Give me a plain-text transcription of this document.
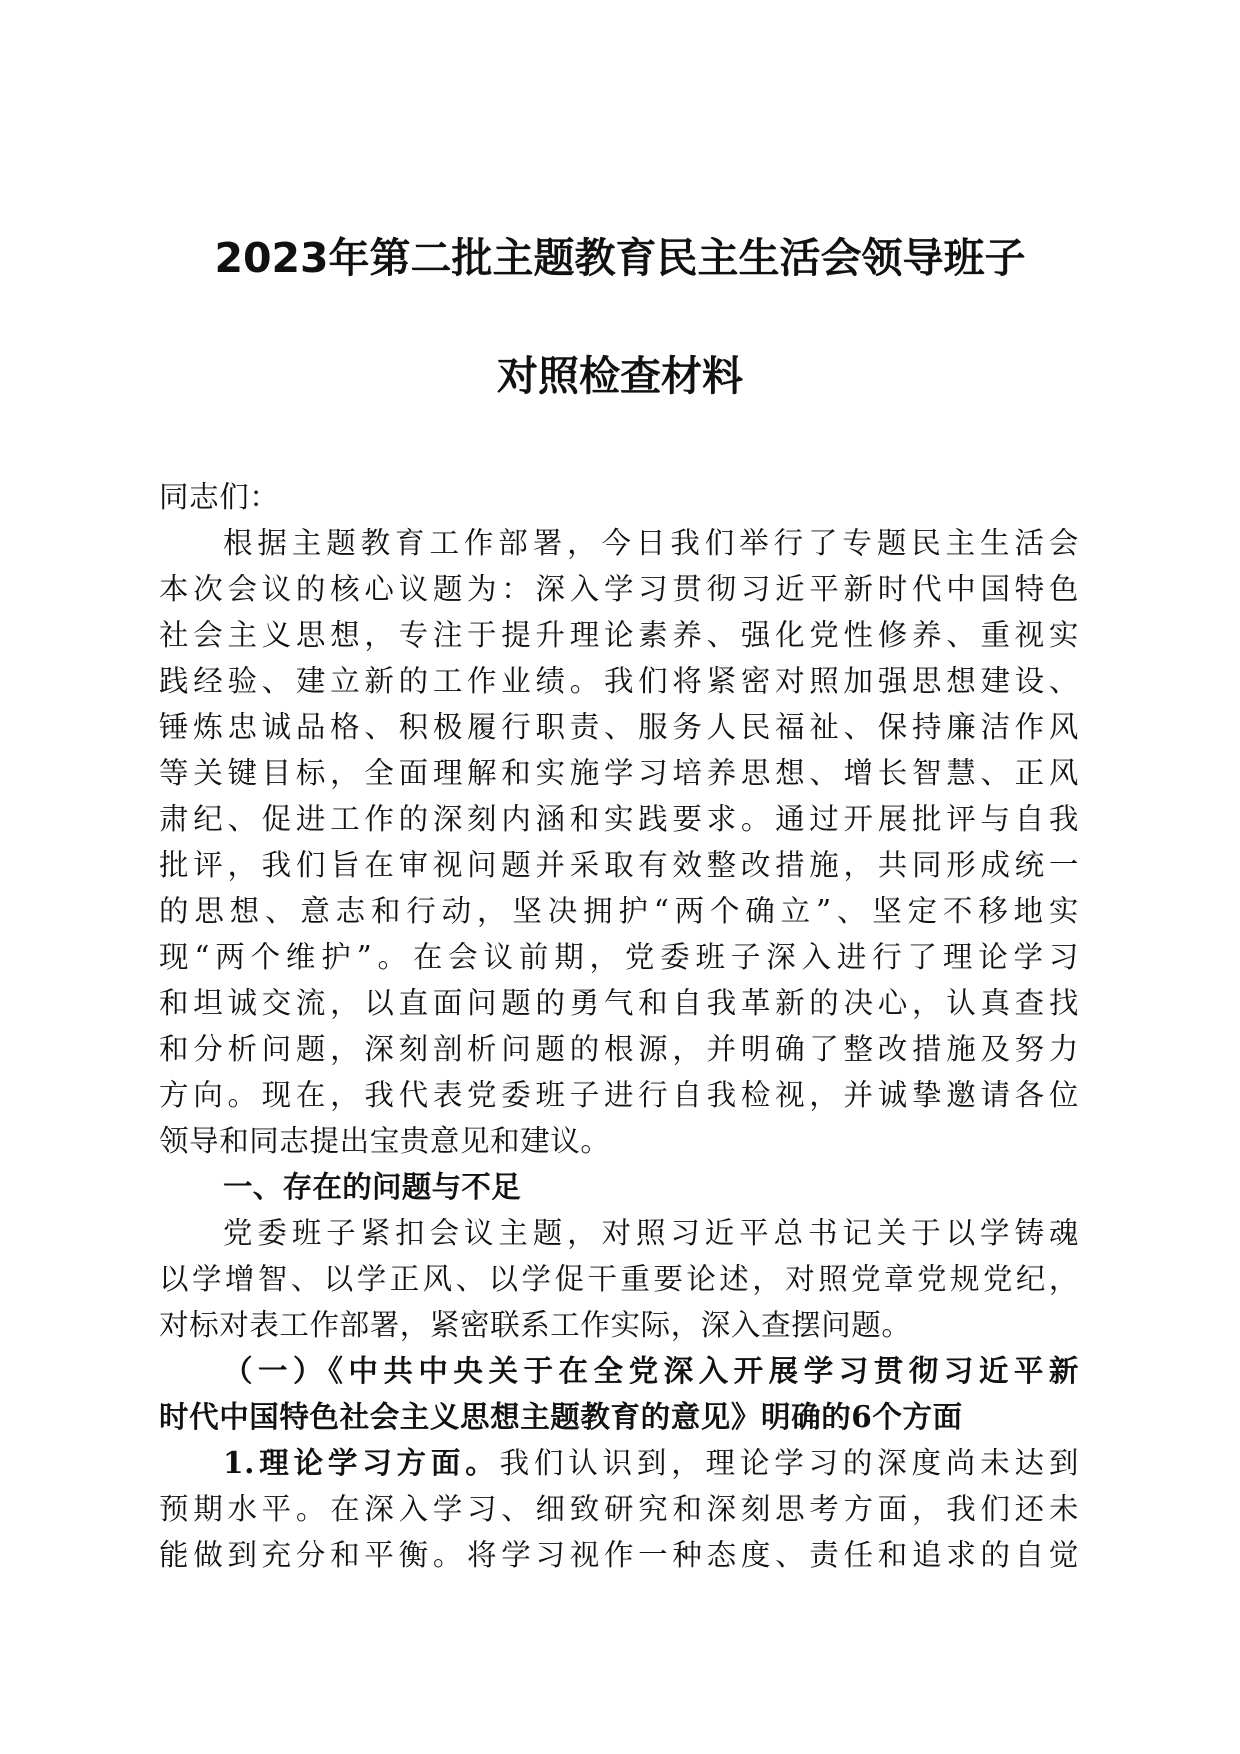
2023年第二批主题教育民主生活会领导班子
对照检查材料
同志们：
根据主题教育工作部署，今日我们举行了专题民主生活会
本次会议的核心议题为：深入学习贯彻习近平新时代中国特色
社会主义思想，专注于提升理论素养、强化党性修养、重视实
践经验、建立新的工作业绩。我们将紧密对照加强思想建设、
锤炼忠诚品格、积极履行职责、服务人民福祉、保持廉洁作风
等关键目标，全面理解和实施学习培养思想、增长智慧、正风
肃纪、促进工作的深刻内涵和实践要求。通过开展批评与自我
批评，我们旨在审视问题并采取有效整改措施，共同形成统一
的思想、意志和行动，坚决拥护“两个确立”、坚定不移地实
现“两个维护”。在会议前期，党委班子深入进行了理论学习
和坦诚交流，以直面问题的勇气和自我革新的决心，认真查找
和分析问题，深刻剖析问题的根源，并明确了整改措施及努力
方向。现在，我代表党委班子进行自我检视，并诚挚邀请各位
领导和同志提出宝贵意见和建议。
一、存在的问题与不足
党委班子紧扣会议主题，对照习近平总书记关于以学铸魂
以学增智、以学正风、以学促干重要论述，对照党章党规党纪，
对标对表工作部署，紧密联系工作实际，深入查摆问题。
（一）《中共中央关于在全党深入开展学习贯彻习近平新
时代中国特色社会主义思想主题教育的意见》明确的6个方面
1.理论学习方面。我们认识到，理论学习的深度尚未达到
预期水平。在深入学习、细致研究和深刻思考方面，我们还未
能做到充分和平衡。将学习视作一种态度、责任和追求的自觉
